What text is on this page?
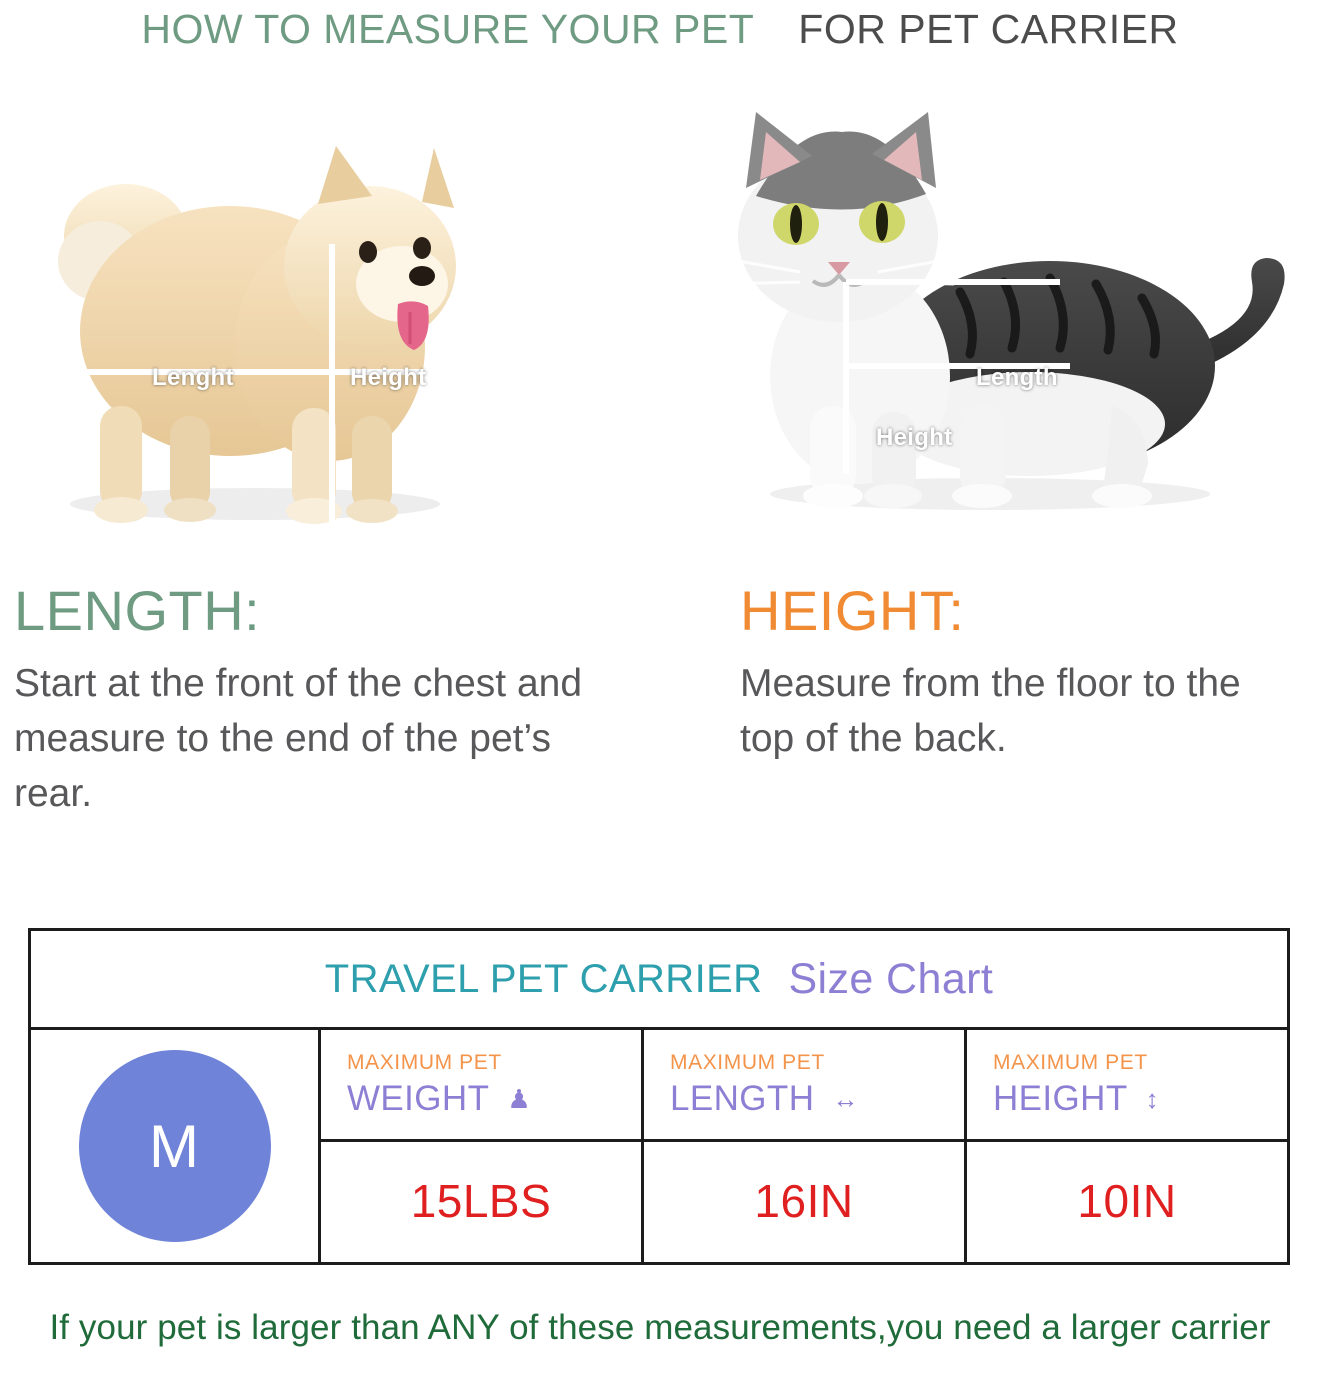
HOW TO MEASURE YOUR PET FOR PET CARRIER
Lenght	Height	Length
Height
LENGTH:
Start at the front of the chest and measure to the end of the pet’s rear.
HEIGHT:
Measure from the floor to the top of the back.
TRAVEL PET CARRIER Size Chart
M
MAXIMUM PET
WEIGHT ♟
15LBS
MAXIMUM PET
LENGTH ↔
16IN
MAXIMUM PET
HEIGHT ↕
10IN
If your pet is larger than ANY of these measurements,you need a larger carrier
